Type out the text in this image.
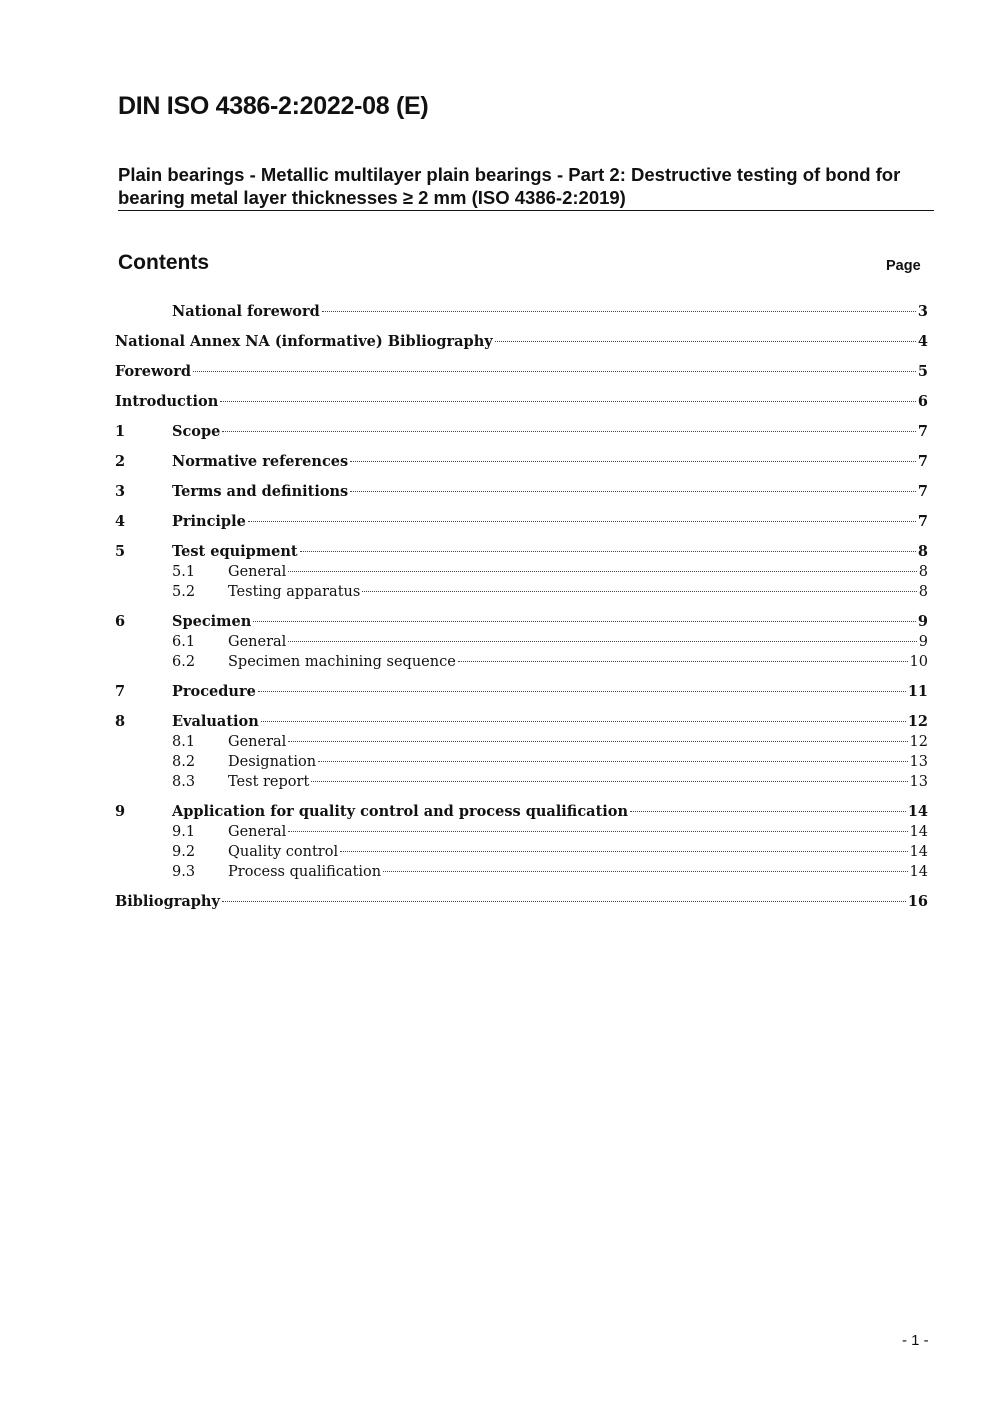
DIN ISO 4386-2:2022-08 (E)
Plain bearings - Metallic multilayer plain bearings - Part 2: Destructive testing of bond for bearing metal layer thicknesses ≥ 2 mm (ISO 4386-2:2019)
Contents	Page
National foreword	3
National Annex NA (informative) Bibliography	4
Foreword	5
Introduction	6
1	Scope	7
2	Normative references	7
3	Terms and definitions	7
4	Principle	7
5	Test equipment	8
5.1	General	8
5.2	Testing apparatus	8
6	Specimen	9
6.1	General	9
6.2	Specimen machining sequence	10
7	Procedure	11
8	Evaluation	12
8.1	General	12
8.2	Designation	13
8.3	Test report	13
9	Application for quality control and process qualification	14
9.1	General	14
9.2	Quality control	14
9.3	Process qualification	14
Bibliography	16
- 1 -
